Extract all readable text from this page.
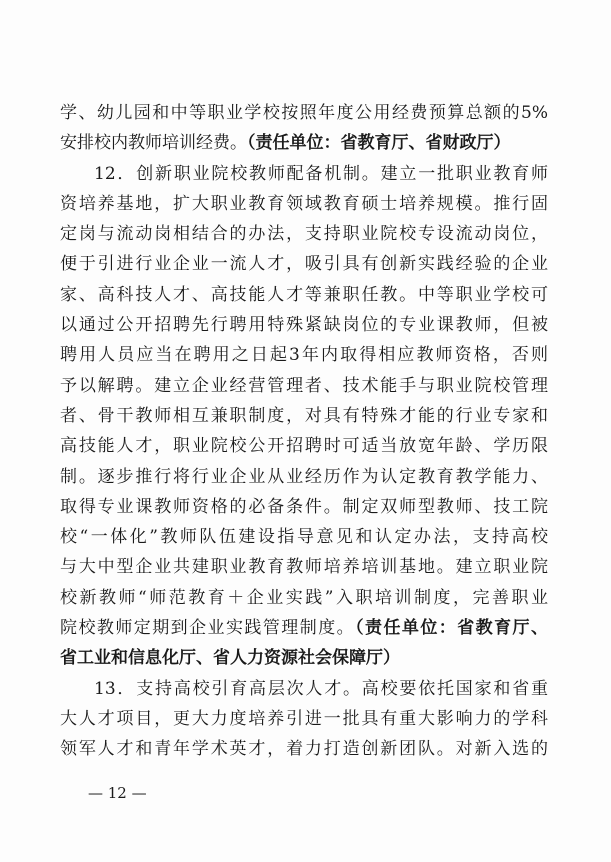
学、幼儿园和中等职业学校按照年度公用经费预算总额的5%
安排校内教师培训经费。（责任单位：省教育厅、省财政厅）
12．创新职业院校教师配备机制。建立一批职业教育师
资培养基地，扩大职业教育领域教育硕士培养规模。推行固
定岗与流动岗相结合的办法，支持职业院校专设流动岗位，
便于引进行业企业一流人才，吸引具有创新实践经验的企业
家、高科技人才、高技能人才等兼职任教。中等职业学校可
以通过公开招聘先行聘用特殊紧缺岗位的专业课教师，但被
聘用人员应当在聘用之日起3年内取得相应教师资格，否则
予以解聘。建立企业经营管理者、技术能手与职业院校管理
者、骨干教师相互兼职制度，对具有特殊才能的行业专家和
高技能人才，职业院校公开招聘时可适当放宽年龄、学历限
制。逐步推行将行业企业从业经历作为认定教育教学能力、
取得专业课教师资格的必备条件。制定双师型教师、技工院
校“一体化”教师队伍建设指导意见和认定办法，支持高校
与大中型企业共建职业教育教师培养培训基地。建立职业院
校新教师“师范教育＋企业实践”入职培训制度，完善职业
院校教师定期到企业实践管理制度。（责任单位：省教育厅、
省工业和信息化厅、省人力资源社会保障厅）
13．支持高校引育高层次人才。高校要依托国家和省重
大人才项目，更大力度培养引进一批具有重大影响力的学科
领军人才和青年学术英才，着力打造创新团队。对新入选的
— 12 —
